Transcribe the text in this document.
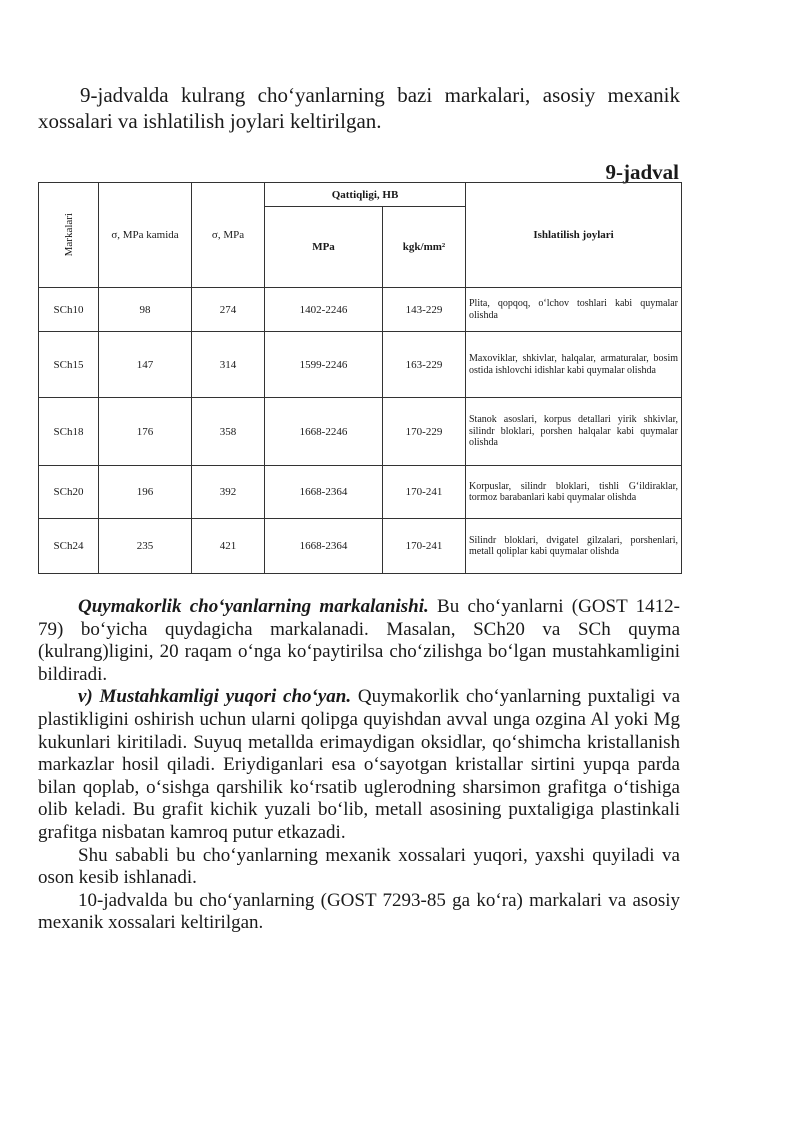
9-jadvalda kulrang cho‘yanlarning bazi markalari, asosiy mexanik xossalari va ishlatilish joylari keltirilgan.

9-jadval
Markalari	σ, MPa kamida	σ, MPa	Qattiqligi, HB		Ishlatilish joylari
			MPa	kgk/mm²	
SCh10	98	274	1402-2246	143-229	Plita, qopqoq, o‘lchov toshlari kabi quymalar olishda
SCh15	147	314	1599-2246	163-229	Maxoviklar, shkivlar, halqalar, armaturalar, bosim ostida ishlovchi idishlar kabi quymalar olishda
SCh18	176	358	1668-2246	170-229	Stanok asoslari, korpus detallari yirik shkivlar, silindr bloklari, porshen halqalar kabi quymalar olishda
SCh20	196	392	1668-2364	170-241	Korpuslar, silindr bloklari, tishli G‘ildiraklar, tormoz barabanlari kabi quymalar olishda
SCh24	235	421	1668-2364	170-241	Silindr bloklari, dvigatel gilzalari, porshenlari, metall qoliplar kabi quymalar olishda

Quymakorlik cho‘yanlarning markalanishi. Bu cho‘yanlarni (GOST 1412-79) bo‘yicha quydagicha markalanadi. Masalan, SCh20 va SCh quyma (kulrang)ligini, 20 raqam o‘nga ko‘paytirilsa cho‘zilishga bo‘lgan mustahkamligini bildiradi.

v) Mustahkamligi yuqori cho‘yan. Quymakorlik cho‘yanlarning puxtaligi va plastikligini oshirish uchun ularni qolipga quyishdan avval unga ozgina Al yoki Mg kukunlari kiritiladi. Suyuq metallda erimaydigan oksidlar, qo‘shimcha kristallanish markazlar hosil qiladi. Eriydiganlari esa o‘sayotgan kristallar sirtini yupqa parda bilan qoplab, o‘sishga qarshilik ko‘rsatib uglerodning sharsimon grafitga o‘tishiga olib keladi. Bu grafit kichik yuzali bo‘lib, metall asosining puxtaligiga plastinkali grafitga nisbatan kamroq putur etkazadi.

Shu sababli bu cho‘yanlarning mexanik xossalari yuqori, yaxshi quyiladi va oson kesib ishlanadi.

10-jadvalda bu cho‘yanlarning (GOST 7293-85 ga ko‘ra) markalari va asosiy mexanik xossalari keltirilgan.
